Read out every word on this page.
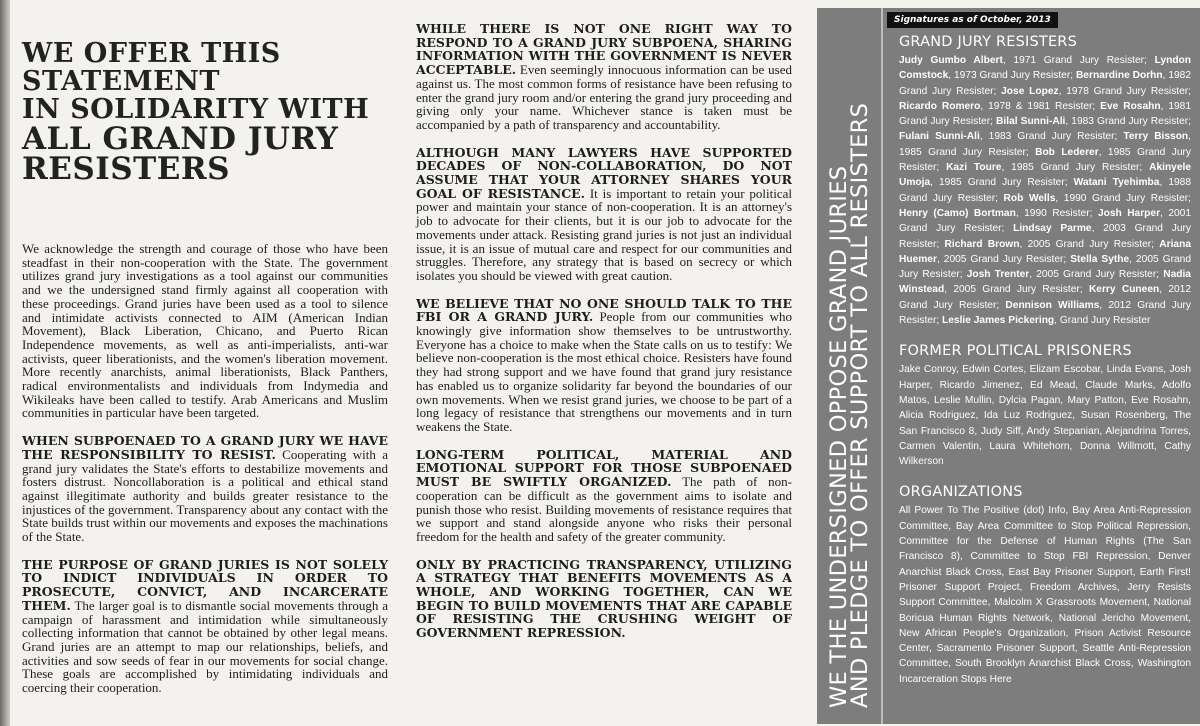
WE OFFER THIS STATEMENT
IN SOLIDARITY WITH
ALL GRAND JURY
RESISTERS

We acknowledge the strength and courage of those who have been steadfast in their non-cooperation with the State. The government utilizes grand jury investigations as a tool against our communities and we the undersigned stand firmly against all cooperation with these proceedings. Grand juries have been used as a tool to silence and intimidate activists connected to AIM (American Indian Movement), Black Liberation, Chicano, and Puerto Rican Independence movements, as well as anti-imperialists, anti-war activists, queer liberationists, and the women's liberation movement. More recently anarchists, animal liberationists, Black Panthers, radical environmentalists and individuals from Indymedia and Wikileaks have been called to testify. Arab Americans and Muslim communities in particular have been targeted.

WHEN SUBPOENAED TO A GRAND JURY WE HAVE THE RESPONSIBILITY TO RESIST. Cooperating with a grand jury validates the State's efforts to destabilize movements and fosters distrust. Noncollaboration is a political and ethical stand against illegitimate authority and builds greater resistance to the injustices of the government. Transparency about any contact with the State builds trust within our movements and exposes the machinations of the State.

THE PURPOSE OF GRAND JURIES IS NOT SOLELY TO INDICT INDIVIDUALS IN ORDER TO PROSECUTE, CONVICT, AND INCARCERATE THEM. The larger goal is to dismantle social movements through a campaign of harassment and intimidation while simultaneously collecting information that cannot be obtained by other legal means. Grand juries are an attempt to map our relationships, beliefs, and activities and sow seeds of fear in our movements for social change. These goals are accomplished by intimidating individuals and coercing their cooperation.

WHILE THERE IS NOT ONE RIGHT WAY TO RESPOND TO A GRAND JURY SUBPOENA, SHARING INFORMATION WITH THE GOVERNMENT IS NEVER ACCEPTABLE. Even seemingly innocuous information can be used against us. The most common forms of resistance have been refusing to enter the grand jury room and/or entering the grand jury proceeding and giving only your name. Whichever stance is taken must be accompanied by a path of transparency and accountability.

ALTHOUGH MANY LAWYERS HAVE SUPPORTED DECADES OF NON-COLLABORATION, DO NOT ASSUME THAT YOUR ATTORNEY SHARES YOUR GOAL OF RESISTANCE. It is important to retain your political power and maintain your stance of non-cooperation. It is an attorney's job to advocate for their clients, but it is our job to advocate for the movements under attack. Resisting grand juries is not just an individual issue, it is an issue of mutual care and respect for our communities and struggles. Therefore, any strategy that is based on secrecy or which isolates you should be viewed with great caution.

WE BELIEVE THAT NO ONE SHOULD TALK TO THE FBI OR A GRAND JURY. People from our communities who knowingly give information show themselves to be untrustworthy. Everyone has a choice to make when the State calls on us to testify: We believe non-cooperation is the most ethical choice. Resisters have found they had strong support and we have found that grand jury resistance has enabled us to organize solidarity far beyond the boundaries of our own movements. When we resist grand juries, we choose to be part of a long legacy of resistance that strengthens our movements and in turn weakens the State.

LONG-TERM POLITICAL, MATERIAL AND EMOTIONAL SUPPORT FOR THOSE SUBPOENAED MUST BE SWIFTLY ORGANIZED. The path of non-cooperation can be difficult as the government aims to isolate and punish those who resist. Building movements of resistance requires that we support and stand alongside anyone who risks their personal freedom for the health and safety of the greater community.

ONLY BY PRACTICING TRANSPARENCY, UTILIZING A STRATEGY THAT BENEFITS MOVEMENTS AS A WHOLE, AND WORKING TOGETHER, CAN WE BEGIN TO BUILD MOVEMENTS THAT ARE CAPABLE OF RESISTING THE CRUSHING WEIGHT OF GOVERNMENT REPRESSION.	WE THE UNDERSIGNED OPPOSE GRAND JURIES
AND PLEDGE TO OFFER SUPPORT TO ALL RESISTERS
Signatures as of October, 2013
GRAND JURY RESISTERS

Judy Gumbo Albert, 1971 Grand Jury Resister; Lyndon Comstock, 1973 Grand Jury Resister; Bernardine Dorhn, 1982 Grand Jury Resister; Jose Lopez, 1978 Grand Jury Resister; Ricardo Romero, 1978 & 1981 Resister; Eve Rosahn, 1981 Grand Jury Resister; Bilal Sunni-Ali, 1983 Grand Jury Resister; Fulani Sunni-Ali, 1983 Grand Jury Resister; Terry Bisson, 1985 Grand Jury Resister; Bob Lederer, 1985 Grand Jury Resister; Kazi Toure, 1985 Grand Jury Resister; Akinyele Umoja, 1985 Grand Jury Resister; Watani Tyehimba, 1988 Grand Jury Resister; Rob Wells, 1990 Grand Jury Resister; Henry (Camo) Bortman, 1990 Resister; Josh Harper, 2001 Grand Jury Resister; Lindsay Parme, 2003 Grand Jury Resister; Richard Brown, 2005 Grand Jury Resister; Ariana Huemer, 2005 Grand Jury Resister; Stella Sythe, 2005 Grand Jury Resister; Josh Trenter, 2005 Grand Jury Resister; Nadia Winstead, 2005 Grand Jury Resister; Kerry Cuneen, 2012 Grand Jury Resister; Dennison Williams, 2012 Grand Jury Resister; Leslie James Pickering, Grand Jury Resister

FORMER POLITICAL PRISONERS

Jake Conroy, Edwin Cortes, Elizam Escobar, Linda Evans, Josh Harper, Ricardo Jimenez, Ed Mead, Claude Marks, Adolfo Matos, Leslie Mullin, Dylcia Pagan, Mary Patton, Eve Rosahn, Alicia Rodriguez, Ida Luz Rodriguez, Susan Rosenberg, The San Francisco 8, Judy Siff, Andy Stepanian, Alejandrina Torres, Carmen Valentin, Laura Whitehorn, Donna Willmott, Cathy Wilkerson

ORGANIZATIONS

All Power To The Positive (dot) Info, Bay Area Anti-Repression Committee, Bay Area Committee to Stop Political Repression, Committee for the Defense of Human Rights (The San Francisco 8), Committee to Stop FBI Repression, Denver Anarchist Black Cross, East Bay Prisoner Support, Earth First! Prisoner Support Project, Freedom Archives, Jerry Resists Support Committee, Malcolm X Grassroots Movement, National Boricua Human Rights Network, National Jericho Movement, New African People's Organization, Prison Activist Resource Center, Sacramento Prisoner Support, Seattle Anti-Repression Committee, South Brooklyn Anarchist Black Cross, Washington Incarceration Stops Here
